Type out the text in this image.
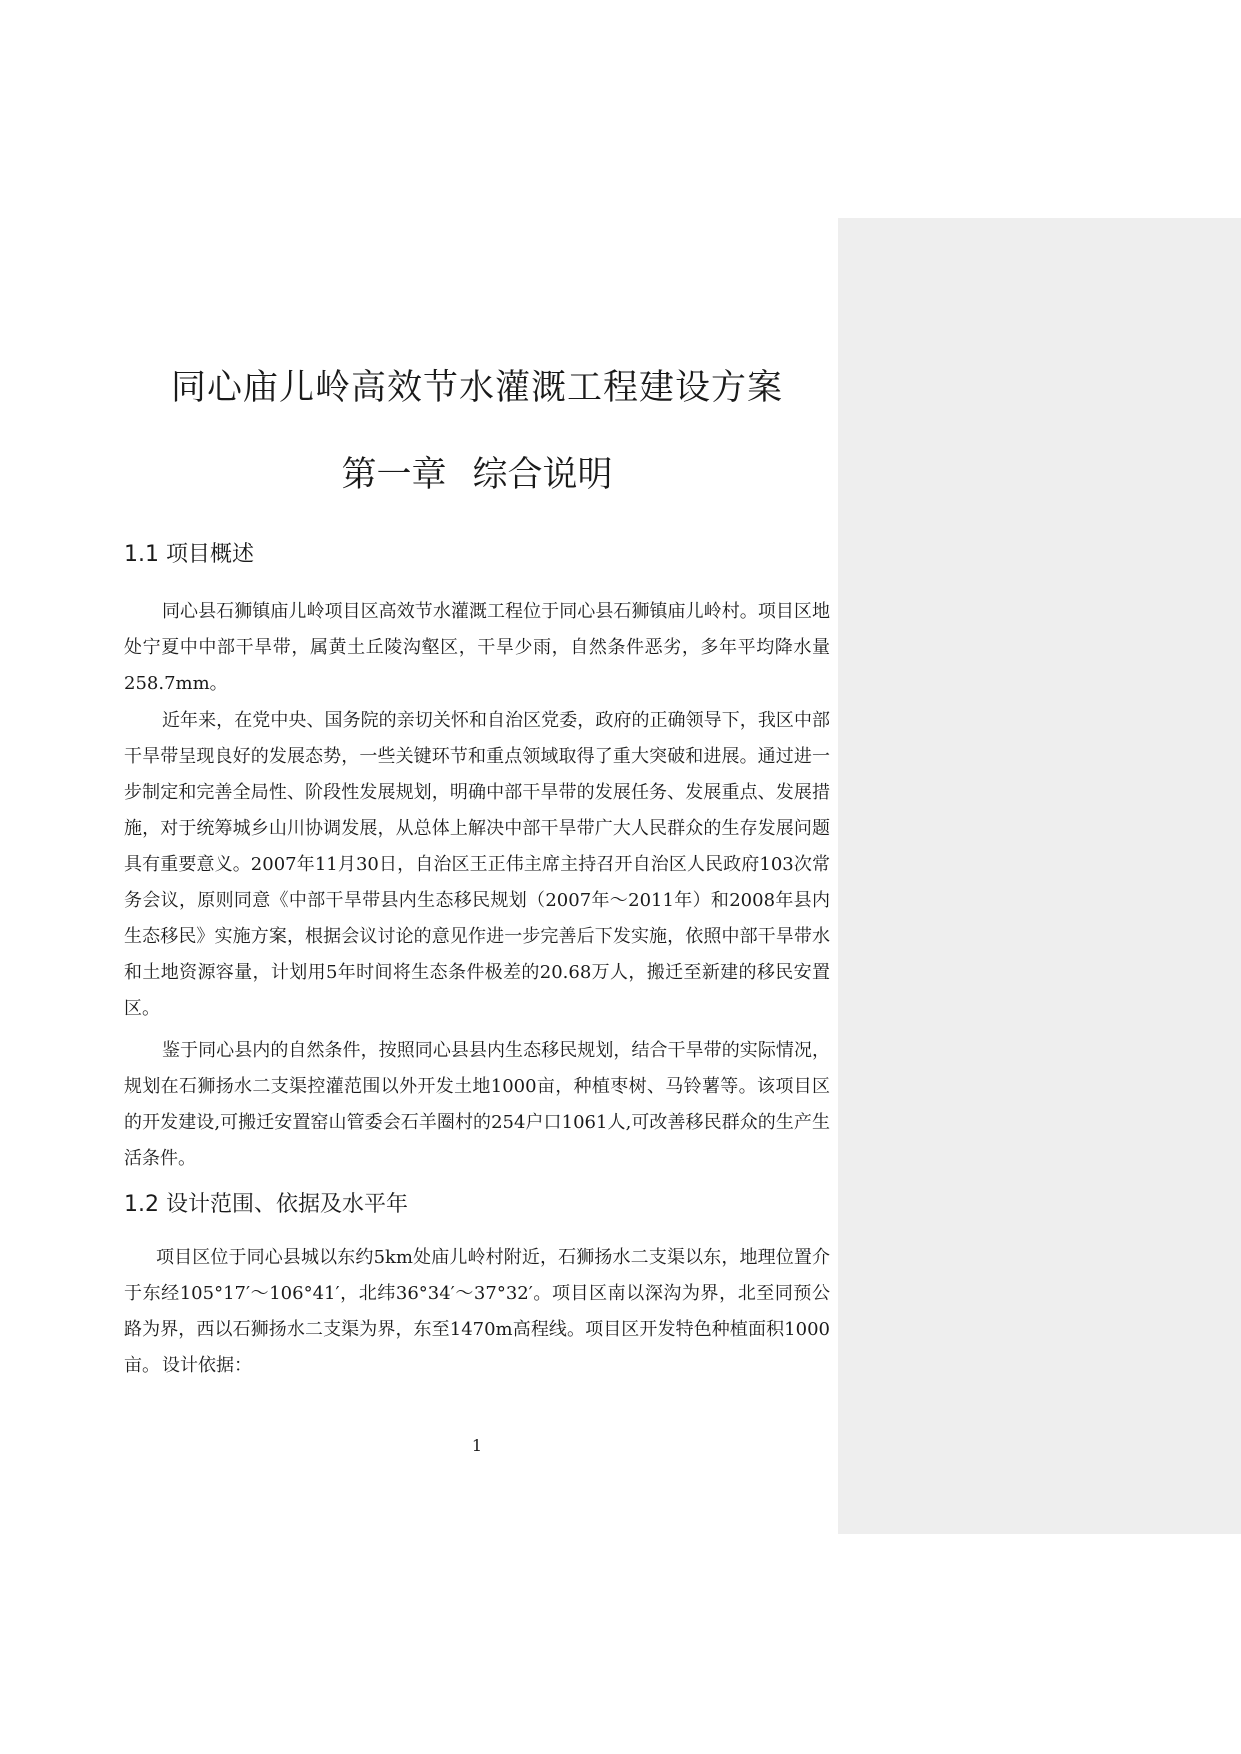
同心庙儿岭高效节水灌溉工程建设方案
第一章 综合说明
1.1 项目概述

同心县石狮镇庙儿岭项目区高效节水灌溉工程位于同心县石狮镇庙儿岭村。项目区地处宁夏中中部干旱带，属黄土丘陵沟壑区，干旱少雨，自然条件恶劣，多年平均降水量258.7mm。

近年来，在党中央、国务院的亲切关怀和自治区党委，政府的正确领导下，我区中部干旱带呈现良好的发展态势，一些关键环节和重点领域取得了重大突破和进展。通过进一步制定和完善全局性、阶段性发展规划，明确中部干旱带的发展任务、发展重点、发展措施，对于统筹城乡山川协调发展，从总体上解决中部干旱带广大人民群众的生存发展问题具有重要意义。2007年11月30日，自治区王正伟主席主持召开自治区人民政府103次常务会议，原则同意《中部干旱带县内生态移民规划（2007年～2011年）和2008年县内生态移民》实施方案，根据会议讨论的意见作进一步完善后下发实施，依照中部干旱带水和土地资源容量，计划用5年时间将生态条件极差的20.68万人，搬迁至新建的移民安置区。

鉴于同心县内的自然条件，按照同心县县内生态移民规划，结合干旱带的实际情况，规划在石狮扬水二支渠控灌范围以外开发土地1000亩，种植枣树、马铃薯等。该项目区的开发建设,可搬迁安置窑山管委会石羊圈村的254户口1061人,可改善移民群众的生产生活条件。

1.2 设计范围、依据及水平年

项目区位于同心县城以东约5km处庙儿岭村附近，石狮扬水二支渠以东，地理位置介于东经105°17′～106°41′，北纬36°34′～37°32′。项目区南以深沟为界，北至同预公路为界，西以石狮扬水二支渠为界，东至1470m高程线。项目区开发特色种植面积1000亩。 设计依据：

1
